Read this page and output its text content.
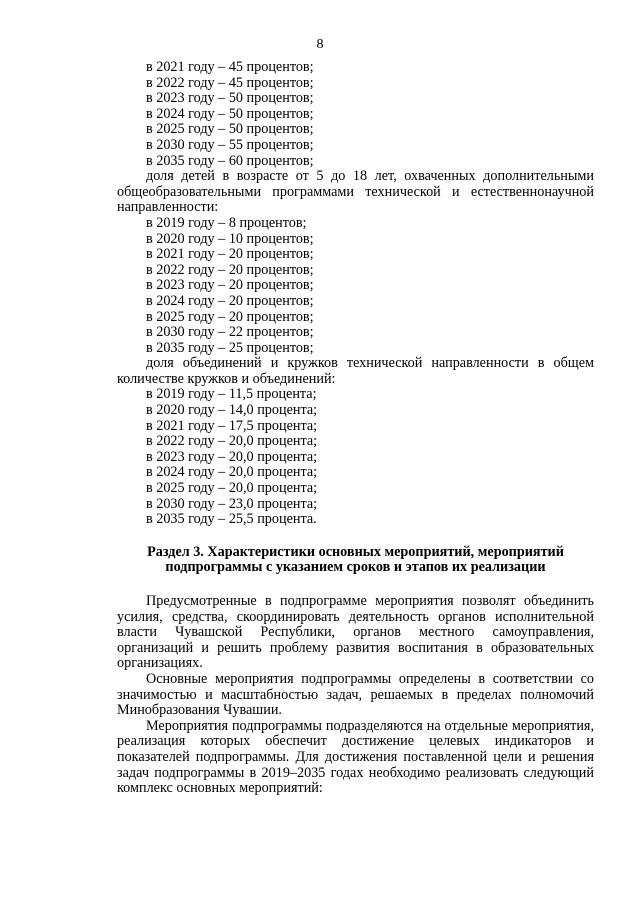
8
в 2021 году – 45 процентов;
в 2022 году – 45 процентов;
в 2023 году – 50 процентов;
в 2024 году – 50 процентов;
в 2025 году – 50 процентов;
в 2030 году – 55 процентов;
в 2035 году – 60 процентов;
доля детей в возрасте от 5 до 18 лет, охваченных дополнительными общеобразовательными программами технической и естественнонаучной направленности:
в 2019 году – 8 процентов;
в 2020 году – 10 процентов;
в 2021 году – 20 процентов;
в 2022 году – 20 процентов;
в 2023 году – 20 процентов;
в 2024 году – 20 процентов;
в 2025 году – 20 процентов;
в 2030 году – 22 процентов;
в 2035 году – 25 процентов;
доля объединений и кружков технической направленности в общем количестве кружков и объединений:
в 2019 году – 11,5 процента;
в 2020 году – 14,0 процента;
в 2021 году – 17,5 процента;
в 2022 году – 20,0 процента;
в 2023 году – 20,0 процента;
в 2024 году – 20,0 процента;
в 2025 году – 20,0 процента;
в 2030 году – 23,0 процента;
в 2035 году – 25,5 процента.
Раздел 3. Характеристики основных мероприятий, мероприятий
подпрограммы с указанием сроков и этапов их реализации
Предусмотренные в подпрограмме мероприятия позволят объединить усилия, средства, скоординировать деятельность органов исполнительной власти Чувашской Республики, органов местного самоуправления, организаций и решить проблему развития воспитания в образовательных организациях.
Основные мероприятия подпрограммы определены в соответствии со значимостью и масштабностью задач, решаемых в пределах полномочий Минобразования Чувашии.
Мероприятия подпрограммы подразделяются на отдельные мероприятия, реализация которых обеспечит достижение целевых индикаторов и показателей подпрограммы. Для достижения поставленной цели и решения задач подпрограммы в 2019–2035 годах необходимо реализовать следующий комплекс основных мероприятий:
